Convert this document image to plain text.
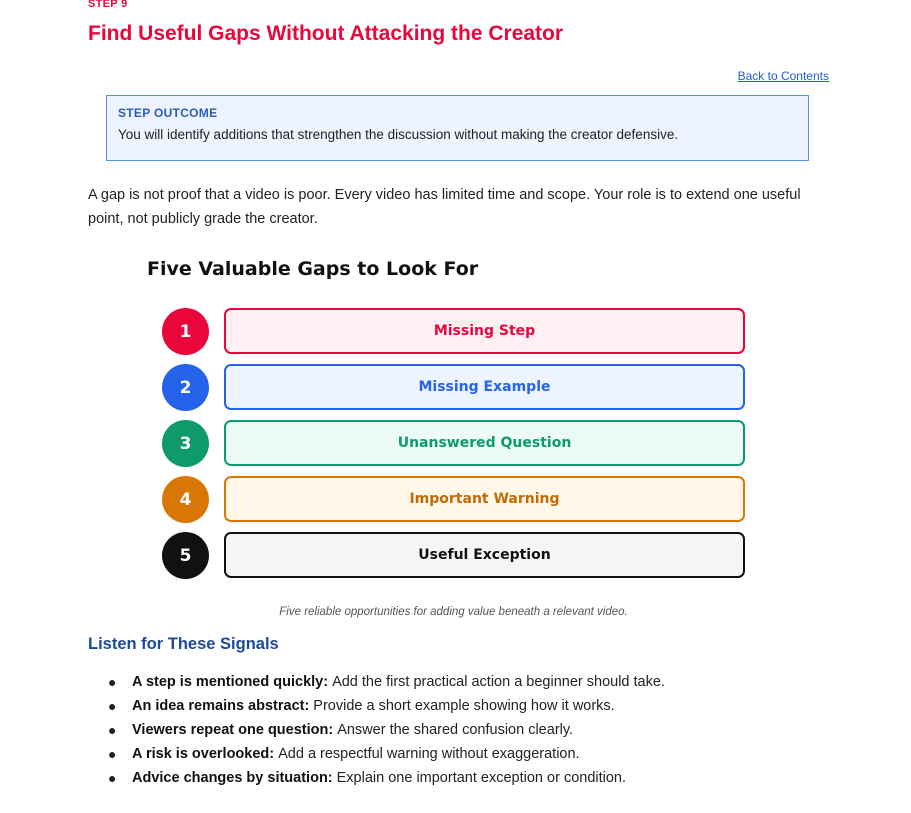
STEP 9
Find Useful Gaps Without Attacking the Creator
Back to Contents
STEP OUTCOME
You will identify additions that strengthen the discussion without making the creator defensive.

A gap is not proof that a video is poor. Every video has limited time and scope. Your role is to extend one useful point, not publicly grade the creator.

Five Valuable Gaps to Look For
1	Missing Step
2	Missing Example
3	Unanswered Question
4	Important Warning
5	Useful Exception
Five reliable opportunities for adding value beneath a relevant video.
Listen for These Signals
●	A step is mentioned quickly: Add the first practical action a beginner should take.
●	An idea remains abstract: Provide a short example showing how it works.
●	Viewers repeat one question: Answer the shared confusion clearly.
●	A risk is overlooked: Add a respectful warning without exaggeration.
●	Advice changes by situation: Explain one important exception or condition.
